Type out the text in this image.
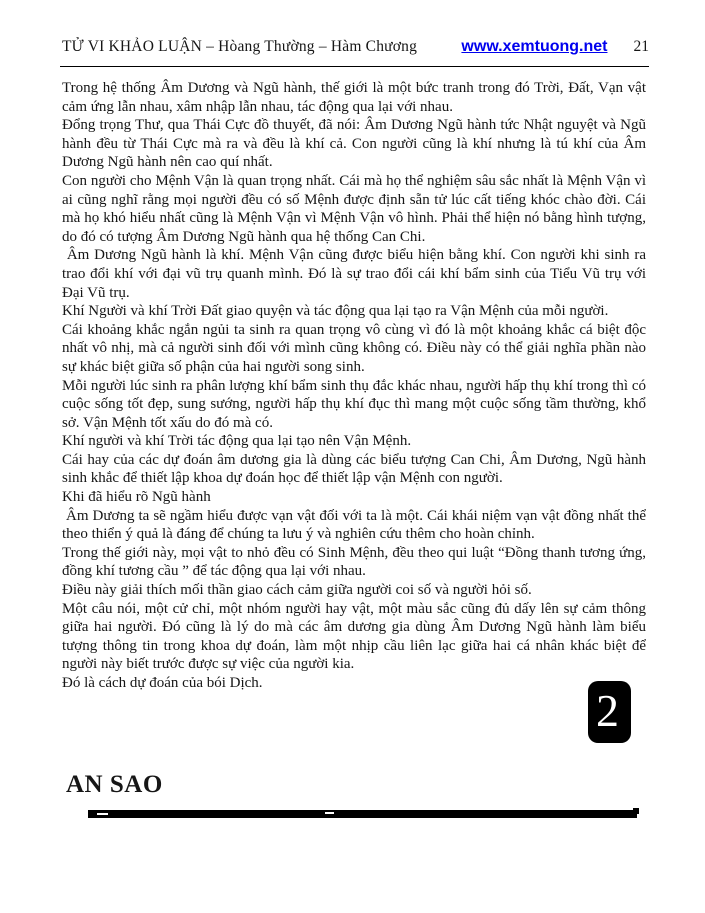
TỬ VI KHẢO LUẬN – Hòang Thường – Hàm Chương	www.xemtuong.net 21

Trong hệ thống Âm Dương và Ngũ hành, thế giới là một bức tranh trong đó Trời, Đất, Vạn vật cảm ứng lẫn nhau, xâm nhập lẫn nhau, tác động qua lại với nhau.

Đổng trọng Thư, qua Thái Cực đồ thuyết, đã nói: Âm Dương Ngũ hành tức Nhật nguyệt và Ngũ hành đều từ Thái Cực mà ra và đều là khí cả. Con người cũng là khí nhưng là tú khí của Âm Dương Ngũ hành nên cao quí nhất.

Con người cho Mệnh Vận là quan trọng nhất. Cái mà họ thể nghiệm sâu sắc nhất là Mệnh Vận vì ai cũng nghĩ rằng mọi người đều có số Mệnh được định sẵn tử lúc cất tiếng khóc chào đời. Cái mà họ khó hiểu nhất cũng là Mệnh Vận vì Mệnh Vận vô hình. Phải thể hiện nó bằng hình tượng, do đó có tượng Âm Dương Ngũ hành qua hệ thống Can Chi.

Âm Dương Ngũ hành là khí. Mệnh Vận cũng được biểu hiện bằng khí. Con người khi sinh ra trao đổi khí với đại vũ trụ quanh mình. Đó là sự trao đổi cái khí bẩm sinh của Tiểu Vũ trụ với Đại Vũ trụ.

Khí Người và khí Trời Đất giao quyện và tác động qua lại tạo ra Vận Mệnh của mỗi người.

Cái khoảng khắc ngắn ngủi ta sinh ra quan trọng vô cùng vì đó là một khoảng khắc cá biệt độc nhất vô nhị, mà cả người sinh đối với mình cũng không có. Điều này có thể giải nghĩa phần nào sự khác biệt giữa số phận của hai người song sinh.

Mỗi người lúc sinh ra phân lượng khí bẩm sinh thụ đắc khác nhau, người hấp thụ khí trong thì có cuộc sống tốt đẹp, sung sướng, người hấp thụ khí đục thì mang một cuộc sống tầm thường, khổ sở. Vận Mệnh tốt xấu do đó mà có.

Khí người và khí Trời tác động qua lại tạo nên Vận Mệnh.

Cái hay của các dự đoán âm dương gia là dùng các biểu tượng Can Chi, Âm Dương, Ngũ hành sinh khắc để thiết lập khoa dự đoán học để thiết lập vận Mệnh con người.

Khi đã hiểu rõ Ngũ hành

Âm Dương ta sẽ ngầm hiểu được vạn vật đối với ta là một. Cái khái niệm vạn vật đồng nhất thể theo thiển ý quả là đáng để chúng ta lưu ý và nghiên cứu thêm cho hoàn chỉnh.

Trong thế giới này, mọi vật to nhỏ đều có Sinh Mệnh, đều theo qui luật “Đồng thanh tương ứng, đồng khí tương cầu ” để tác động qua lại với nhau.

Điều này giải thích mối thần giao cách cảm giữa người coi số và người hỏi số.

Một câu nói, một cử chỉ, một nhóm người hay vật, một màu sắc cũng đủ dấy lên sự cảm thông giữa hai người. Đó cũng là lý do mà các âm dương gia dùng Âm Dương Ngũ hành làm biểu tượng thông tin trong khoa dự đoán, làm một nhịp cầu liên lạc giữa hai cá nhân khác biệt để người này biết trước được sự việc của người kia.

Đó là cách dự đoán của bói Dịch.

2
AN SAO
